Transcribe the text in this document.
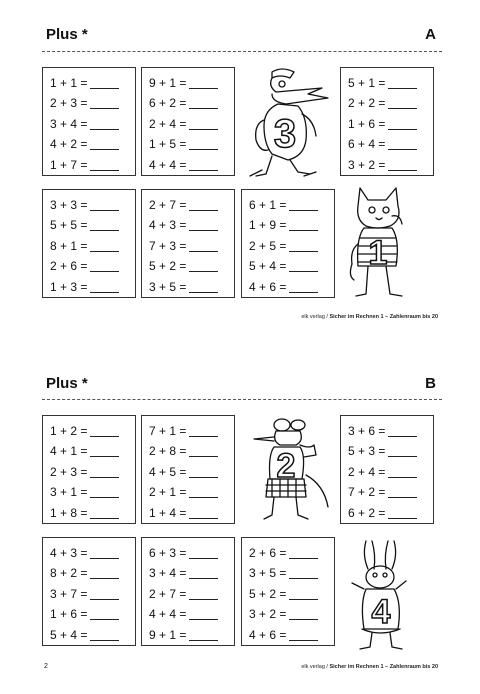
Plus *	A
1 + 1 =
2 + 3 =
3 + 4 =
4 + 2 =
1 + 7 =
9 + 1 =
6 + 2 =
2 + 4 =
1 + 5 =
4 + 4 =
5 + 1 =
2 + 2 =
1 + 6 =
6 + 4 =
3 + 2 =
3 + 3 =
5 + 5 =
8 + 1 =
2 + 6 =
1 + 3 =
2 + 7 =
4 + 3 =
7 + 3 =
5 + 2 =
3 + 5 =
6 + 1 =
1 + 9 =
2 + 5 =
5 + 4 =
4 + 6 =
3
1
elk verlag / Sicher im Rechnen 1 – Zahlenraum bis 20
Plus *	B
1 + 2 =
4 + 1 =
2 + 3 =
3 + 1 =
1 + 8 =
7 + 1 =
2 + 8 =
4 + 5 =
2 + 1 =
1 + 4 =
3 + 6 =
5 + 3 =
2 + 4 =
7 + 2 =
6 + 2 =
4 + 3 =
8 + 2 =
3 + 7 =
1 + 6 =
5 + 4 =
6 + 3 =
3 + 4 =
2 + 7 =
4 + 4 =
9 + 1 =
2 + 6 =
3 + 5 =
5 + 2 =
3 + 2 =
4 + 6 =
2
4
2	elk verlag / Sicher im Rechnen 1 – Zahlenraum bis 20
